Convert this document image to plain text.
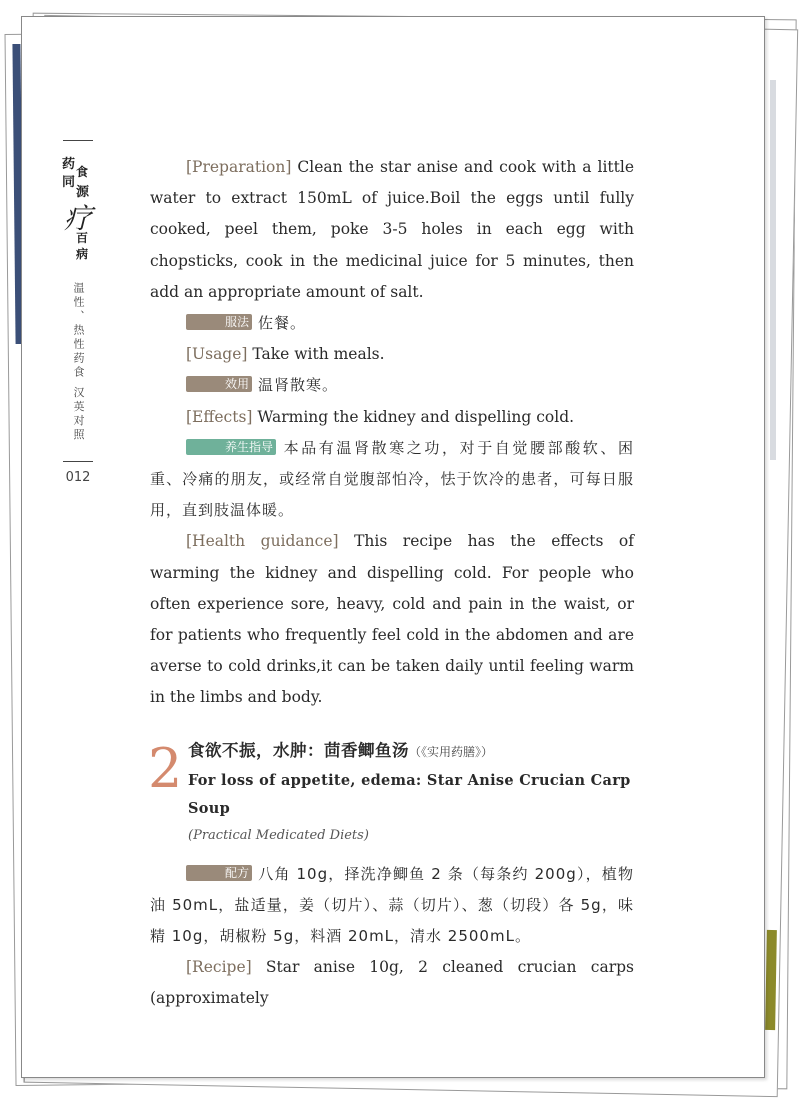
药 食
同
源
疗
百
病
温性、热性药食 汉英对照
012

[Preparation] Clean the star anise and cook with a little water to extract 150mL of juice.Boil the eggs until fully cooked, peel them, poke 3-5 holes in each egg with chopsticks, cook in the medicinal juice for 5 minutes, then add an appropriate amount of salt.

服法 佐餐。

[Usage] Take with meals.

效用 温肾散寒。

[Effects] Warming the kidney and dispelling cold.

养生指导 本品有温肾散寒之功，对于自觉腰部酸软、困重、冷痛的朋友，或经常自觉腹部怕冷，怯于饮冷的患者，可每日服用，直到肢温体暖。

[Health guidance] This recipe has the effects of warming the kidney and dispelling cold. For people who often experience sore, heavy, cold and pain in the waist, or for patients who frequently feel cold in the abdomen and are averse to cold drinks,it can be taken daily until feeling warm in the limbs and body.

2 食欲不振，水肿：茴香鲫鱼汤（《实用药膳》）
For loss of appetite, edema: Star Anise Crucian Carp Soup
(Practical Medicated Diets)

配方 八角 10g，择洗净鲫鱼 2 条（每条约 200g），植物油 50mL，盐适量，姜（切片）、蒜（切片）、葱（切段）各 5g，味精 10g，胡椒粉 5g，料酒 20mL，清水 2500mL。

[Recipe] Star anise 10g, 2 cleaned crucian carps (approximately
